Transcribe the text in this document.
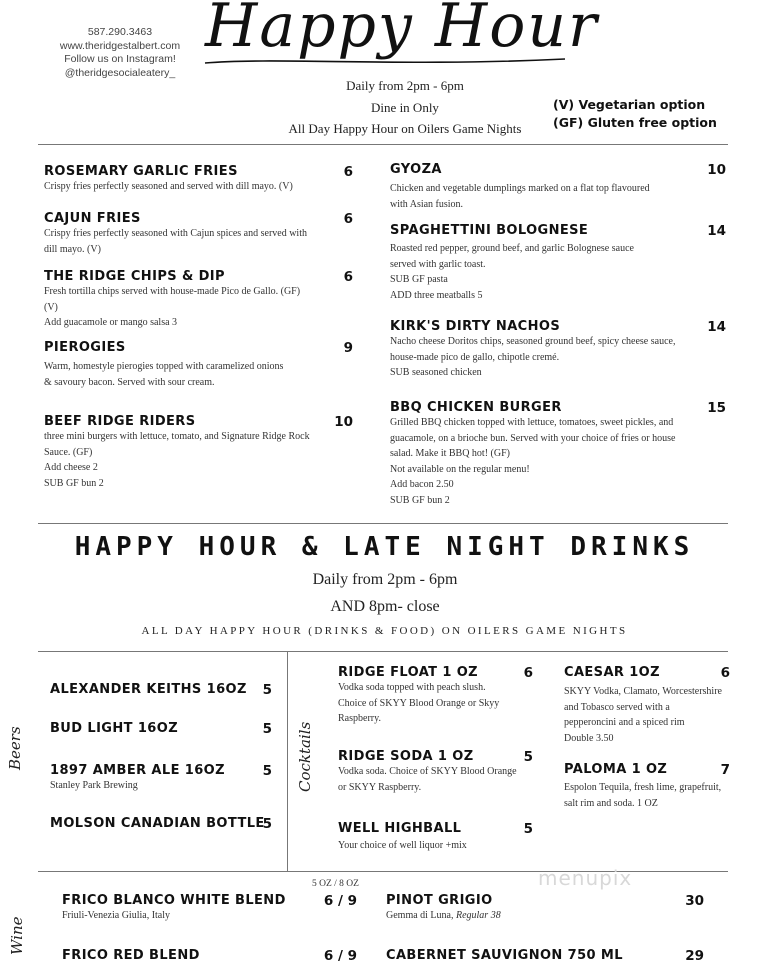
587.290.3463
www.theridgestalbert.com
Follow us on Instagram!
@theridgesocialeatery_
Happy Hour
Daily from 2pm - 6pm
Dine in Only
All Day Happy Hour on Oilers Game Nights
(V) Vegetarian option
(GF) Gluten free option
ROSEMARY GARLIC FRIES	6
Crispy fries perfectly seasoned and served with dill mayo. (V)
CAJUN FRIES	6
Crispy fries perfectly seasoned with Cajun spices and served with
dill mayo. (V)
THE RIDGE CHIPS & DIP	6
Fresh tortilla chips served with house-made Pico de Gallo. (GF)
(V)
Add guacamole or mango salsa 3
PIEROGIES	9
Warm, homestyle pierogies topped with caramelized onions
& savoury bacon. Served with sour cream.
BEEF RIDGE RIDERS	10
three mini burgers with lettuce, tomato, and Signature Ridge Rock
Sauce. (GF)
Add cheese 2
SUB GF bun 2
GYOZA	10
Chicken and vegetable dumplings marked on a flat top flavoured
with Asian fusion.
SPAGHETTINI BOLOGNESE	14
Roasted red pepper, ground beef, and garlic Bolognese sauce
served with garlic toast.
SUB GF pasta
ADD three meatballs 5
KIRK'S DIRTY NACHOS	14
Nacho cheese Doritos chips, seasoned ground beef, spicy cheese sauce,
house-made pico de gallo, chipotle cremé.
SUB seasoned chicken
BBQ CHICKEN BURGER	15
Grilled BBQ chicken topped with lettuce, tomatoes, sweet pickles, and
guacamole, on a brioche bun. Served with your choice of fries or house
salad. Make it BBQ hot! (GF)
Not available on the regular menu!
Add bacon 2.50
SUB GF bun 2
HAPPY HOUR & LATE NIGHT DRINKS
Daily from 2pm - 6pm
AND 8pm- close
ALL DAY HAPPY HOUR (DRINKS & FOOD) ON OILERS GAME NIGHTS
Beers
ALEXANDER KEITHS 16OZ	5
BUD LIGHT 16OZ	5
1897 AMBER ALE 16OZ	5
Stanley Park Brewing
MOLSON CANADIAN BOTTLE
5
Cocktails
RIDGE FLOAT 1 OZ	6
Vodka soda topped with peach slush.
Choice of SKYY Blood Orange or Skyy
Raspberry.
RIDGE SODA 1 OZ	5
Vodka soda. Choice of SKYY Blood Orange
or SKYY Raspberry.
WELL HIGHBALL	5
Your choice of well liquor +mix
CAESAR 1OZ	6
SKYY Vodka, Clamato, Worcestershire
and Tobasco served with a
pepperoncini and a spiced rim
Double 3.50
PALOMA 1 OZ	7
Espolon Tequila, fresh lime, grapefruit,
salt rim and soda. 1 OZ
menupix
5 OZ / 8 OZ
Wine
FRICO BLANCO WHITE BLEND	6 / 9
Friuli-Venezia Giulia, Italy
FRICO RED BLEND	6 / 9
PINOT GRIGIO	30
Gemma di Luna, Regular 38
CABERNET SAUVIGNON 750 ML	29
